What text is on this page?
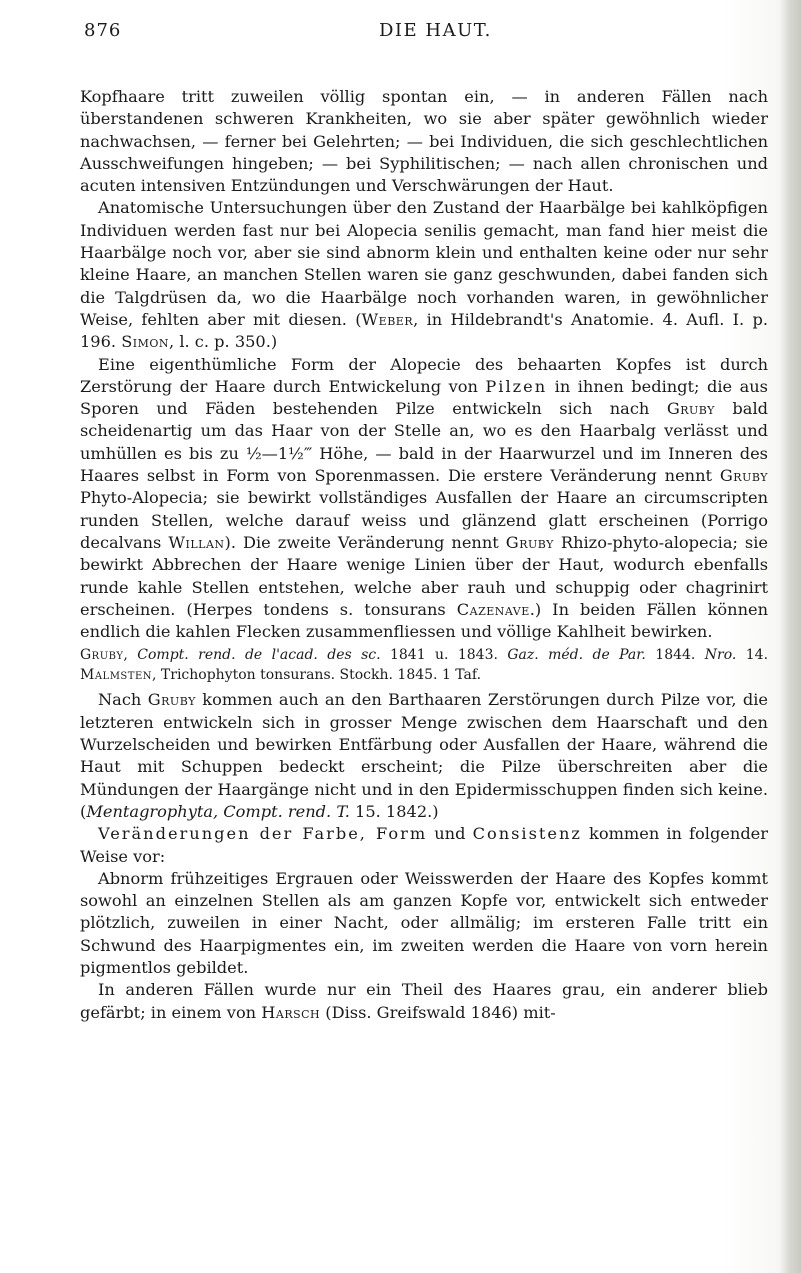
876	DIE HAUT.

Kopfhaare tritt zuweilen völlig spontan ein, — in anderen Fällen nach überstandenen schweren Krankheiten, wo sie aber später gewöhnlich wieder nachwachsen, — ferner bei Gelehrten; — bei Individuen, die sich geschlechtlichen Ausschweifungen hingeben; — bei Syphilitischen; — nach allen chronischen und acuten intensiven Entzündungen und Verschwärungen der Haut.

Anatomische Untersuchungen über den Zustand der Haarbälge bei kahlköpfigen Individuen werden fast nur bei Alopecia senilis gemacht, man fand hier meist die Haarbälge noch vor, aber sie sind abnorm klein und enthalten keine oder nur sehr kleine Haare, an manchen Stellen waren sie ganz geschwunden, dabei fanden sich die Talgdrüsen da, wo die Haarbälge noch vorhanden waren, in gewöhnlicher Weise, fehlten aber mit diesen. (Weber, in Hildebrandt's Anatomie. 4. Aufl. I. p. 196. Simon, l. c. p. 350.)

Eine eigenthümliche Form der Alopecie des behaarten Kopfes ist durch Zerstörung der Haare durch Entwickelung von Pilzen in ihnen bedingt; die aus Sporen und Fäden bestehenden Pilze entwickeln sich nach Gruby bald scheidenartig um das Haar von der Stelle an, wo es den Haarbalg verlässt und umhüllen es bis zu ½—1½‴ Höhe, — bald in der Haarwurzel und im Inneren des Haares selbst in Form von Sporenmassen. Die erstere Veränderung nennt Gruby Phyto-Alopecia; sie bewirkt vollständiges Ausfallen der Haare an circumscripten runden Stellen, welche darauf weiss und glänzend glatt erscheinen (Porrigo decalvans Willan). Die zweite Veränderung nennt Gruby Rhizo-phyto-alopecia; sie bewirkt Abbrechen der Haare wenige Linien über der Haut, wodurch ebenfalls runde kahle Stellen entstehen, welche aber rauh und schuppig oder chagrinirt erscheinen. (Herpes tondens s. tonsurans Cazenave.) In beiden Fällen können endlich die kahlen Flecken zusammenfliessen und völlige Kahlheit bewirken.

Gruby, Compt. rend. de l'acad. des sc. 1841 u. 1843. Gaz. méd. de Par. 1844. Nro. 14. Malmsten, Trichophyton tonsurans. Stockh. 1845. 1 Taf.

Nach Gruby kommen auch an den Barthaaren Zerstörungen durch Pilze vor, die letzteren entwickeln sich in grosser Menge zwischen dem Haarschaft und den Wurzelscheiden und bewirken Entfärbung oder Ausfallen der Haare, während die Haut mit Schuppen bedeckt erscheint; die Pilze überschreiten aber die Mündungen der Haargänge nicht und in den Epidermisschuppen finden sich keine. (Mentagrophyta, Compt. rend. T. 15. 1842.)

Veränderungen der Farbe, Form und Consistenz kommen in folgender Weise vor:

Abnorm frühzeitiges Ergrauen oder Weisswerden der Haare des Kopfes kommt sowohl an einzelnen Stellen als am ganzen Kopfe vor, entwickelt sich entweder plötzlich, zuweilen in einer Nacht, oder allmälig; im ersteren Falle tritt ein Schwund des Haarpigmentes ein, im zweiten werden die Haare von vorn herein pigmentlos gebildet.

In anderen Fällen wurde nur ein Theil des Haares grau, ein anderer blieb gefärbt; in einem von Harsch (Diss. Greifswald 1846) mit-
